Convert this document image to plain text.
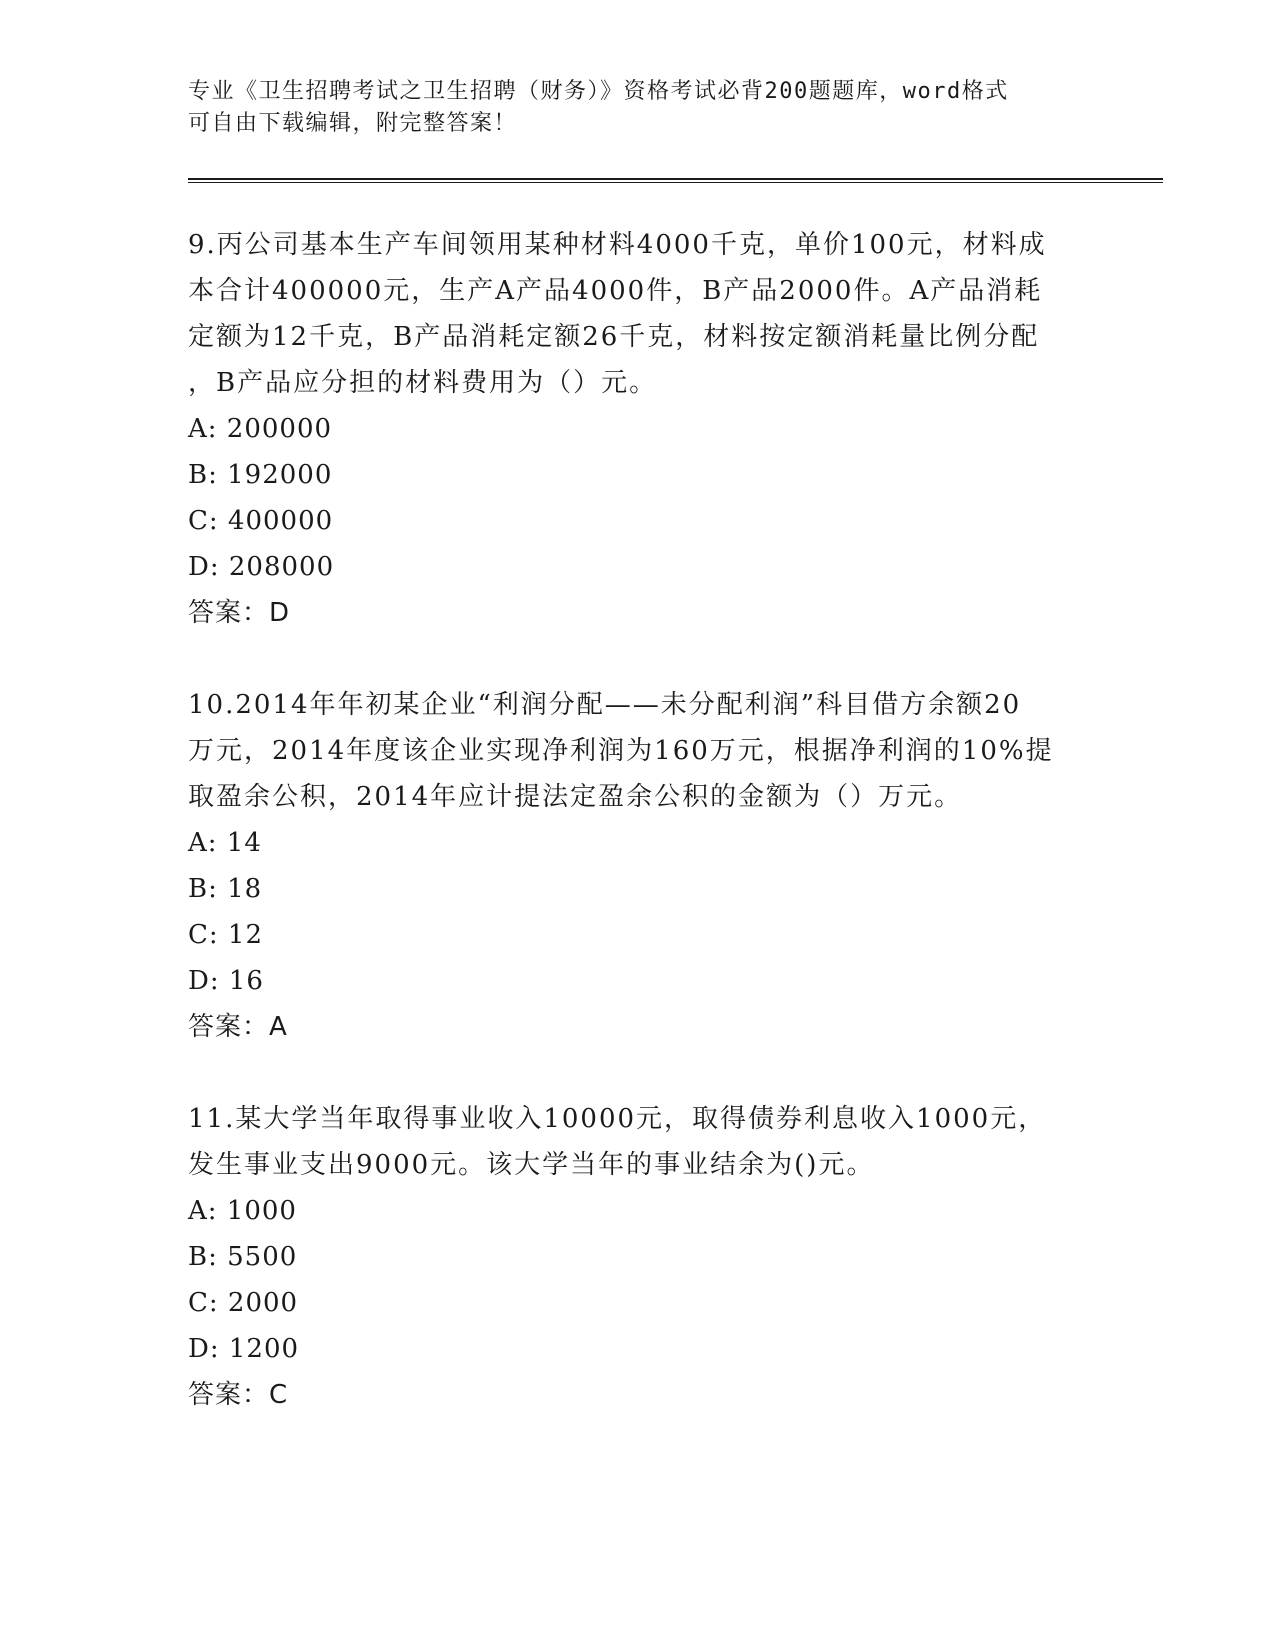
专业《卫生招聘考试之卫生招聘（财务）》资格考试必背200题题库，word格式
可自由下载编辑，附完整答案！

9.丙公司基本生产车间领用某种材料4000千克，单价100元，材料成

本合计400000元，生产A产品4000件，B产品2000件。A产品消耗

定额为12千克，B产品消耗定额26千克，材料按定额消耗量比例分配

，B产品应分担的材料费用为（）元。

A: 200000

B: 192000

C: 400000

D: 208000

答案：D

10.2014年年初某企业“利润分配——未分配利润”科目借方余额20

万元，2014年度该企业实现净利润为160万元，根据净利润的10%提

取盈余公积，2014年应计提法定盈余公积的金额为（）万元。

A: 14

B: 18

C: 12

D: 16

答案：A

11.某大学当年取得事业收入10000元，取得债券利息收入1000元，

发生事业支出9000元。该大学当年的事业结余为()元。

A: 1000

B: 5500

C: 2000

D: 1200

答案：C
